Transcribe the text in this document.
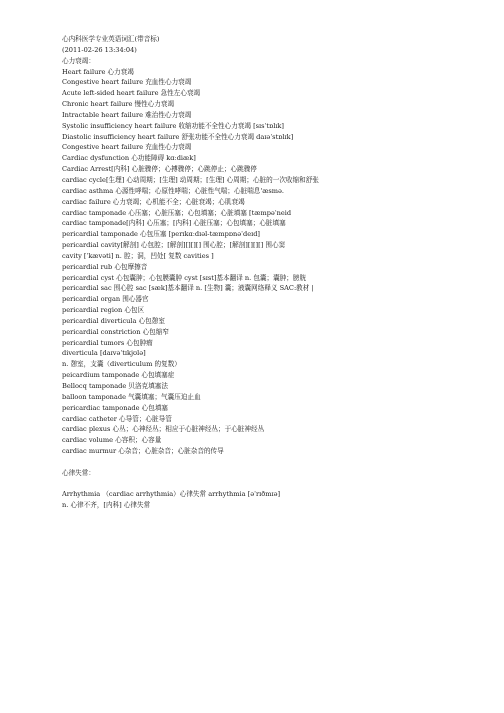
心内科医学专业英语词汇(带音标)
(2011-02-26 13:34:04)
心力衰竭：
Heart failure 心力衰竭
Congestive heart failure 充血性心力衰竭
Acute left-sided heart failure 急性左心衰竭
Chronic heart failure 慢性心力衰竭
Intractable heart failure 难治性心力衰竭
Systolic insufficiency heart failure 收缩功能不全性心力衰竭 [sɪsˈtɒlɪk]
Diastolic insufficiency heart failure 舒张功能不全性心力衰竭 daɪəˈstɒlɪk]
Congestive heart failure 充血性心力衰竭
Cardiac dysfunction 心功能障碍 kɑːdiæk]
Cardiac Arrest[内科] 心脏骤停；心搏骤停；心跳停止；心跳骤停
cardiac cycle[生理] 心动周期；[生理] 动周期；[生理] 心周期；心脏的一次收缩和舒张
cardiac asthma 心源性哮喘；心原性哮喘；心脏性气喘；心脏喘息'æsmə.
cardiac failure 心力衰竭；心机能不全；心脏衰竭；心肌衰竭
cardiac tamponade 心压塞；心脏压塞；心包填塞；心脏填塞 [tæmpəˈneid
cardiac tamponade[内科] 心压塞；[内科] 心脏压塞；心包填塞；心脏填塞
pericardial tamponade 心包压塞 [perɪkɑːdɪəl-tæmpɒnəˈdeɪd]
pericardial cavity[解剖] 心包腔；[解剖][][][] 围心腔；[解剖][][][] 围心窦
cavity [ˈkævəti] n. 腔；洞，凹处[ 复数 cavities ]
pericardial rub 心包摩擦音
pericardial cyst 心包囊肿；心包膜囊肿 cyst [sɪst]基本翻译 n. 包囊；囊肿；膀胱
pericardial sac 围心腔 sac [sæk]基本翻译 n. [生物] 囊；液囊网络释义 SAC:教材 |
pericardial organ 围心器官
pericardial region 心包区
pericardial diverticula 心包憩室
pericardial constriction 心包缩窄
pericardial tumors 心包肿瘤
diverticula [daɪvəˈtɪkjʊlə]
n. 憩室，支囊（diverticulum 的复数）
peicardium tamponade 心包填塞症
Bellocq tamponade 贝洛克填塞法
balloon tamponade 气囊填塞；气囊压迫止血
pericardiac tamponade 心包填塞
cardiac catheter 心导管；心脏导管
cardiac plexus 心丛；心神经丛；相应于心脏神经丛；于心脏神经丛
cardiac volume 心容积；心容量
cardiac murmur 心杂音；心脏杂音；心脏杂音的传导
心律失常：
Arrhythmia （cardiac arrhythmia）心律失常 arrhythmia [əˈrɪðmɪə]
n. 心律不齐，[内科] 心律失常
